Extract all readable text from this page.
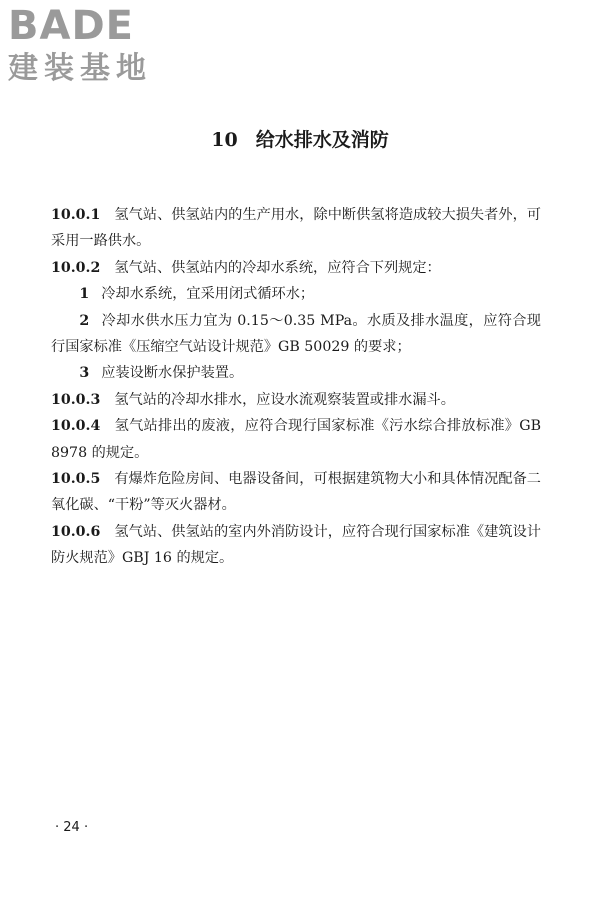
BADE
建装基地
10 给水排水及消防

10.0.1 氢气站、供氢站内的生产用水，除中断供氢将造成较大损失者外，可采用一路供水。

10.0.2 氢气站、供氢站内的冷却水系统，应符合下列规定：

1 冷却水系统，宜采用闭式循环水；

2 冷却水供水压力宜为 0.15～0.35 MPa。水质及排水温度，应符合现行国家标准《压缩空气站设计规范》GB 50029 的要求；

3 应装设断水保护装置。

10.0.3 氢气站的冷却水排水，应设水流观察装置或排水漏斗。

10.0.4 氢气站排出的废液，应符合现行国家标准《污水综合排放标准》GB 8978 的规定。

10.0.5 有爆炸危险房间、电器设备间，可根据建筑物大小和具体情况配备二氧化碳、“干粉”等灭火器材。

10.0.6 氢气站、供氢站的室内外消防设计，应符合现行国家标准《建筑设计防火规范》GBJ 16 的规定。

· 24 ·
